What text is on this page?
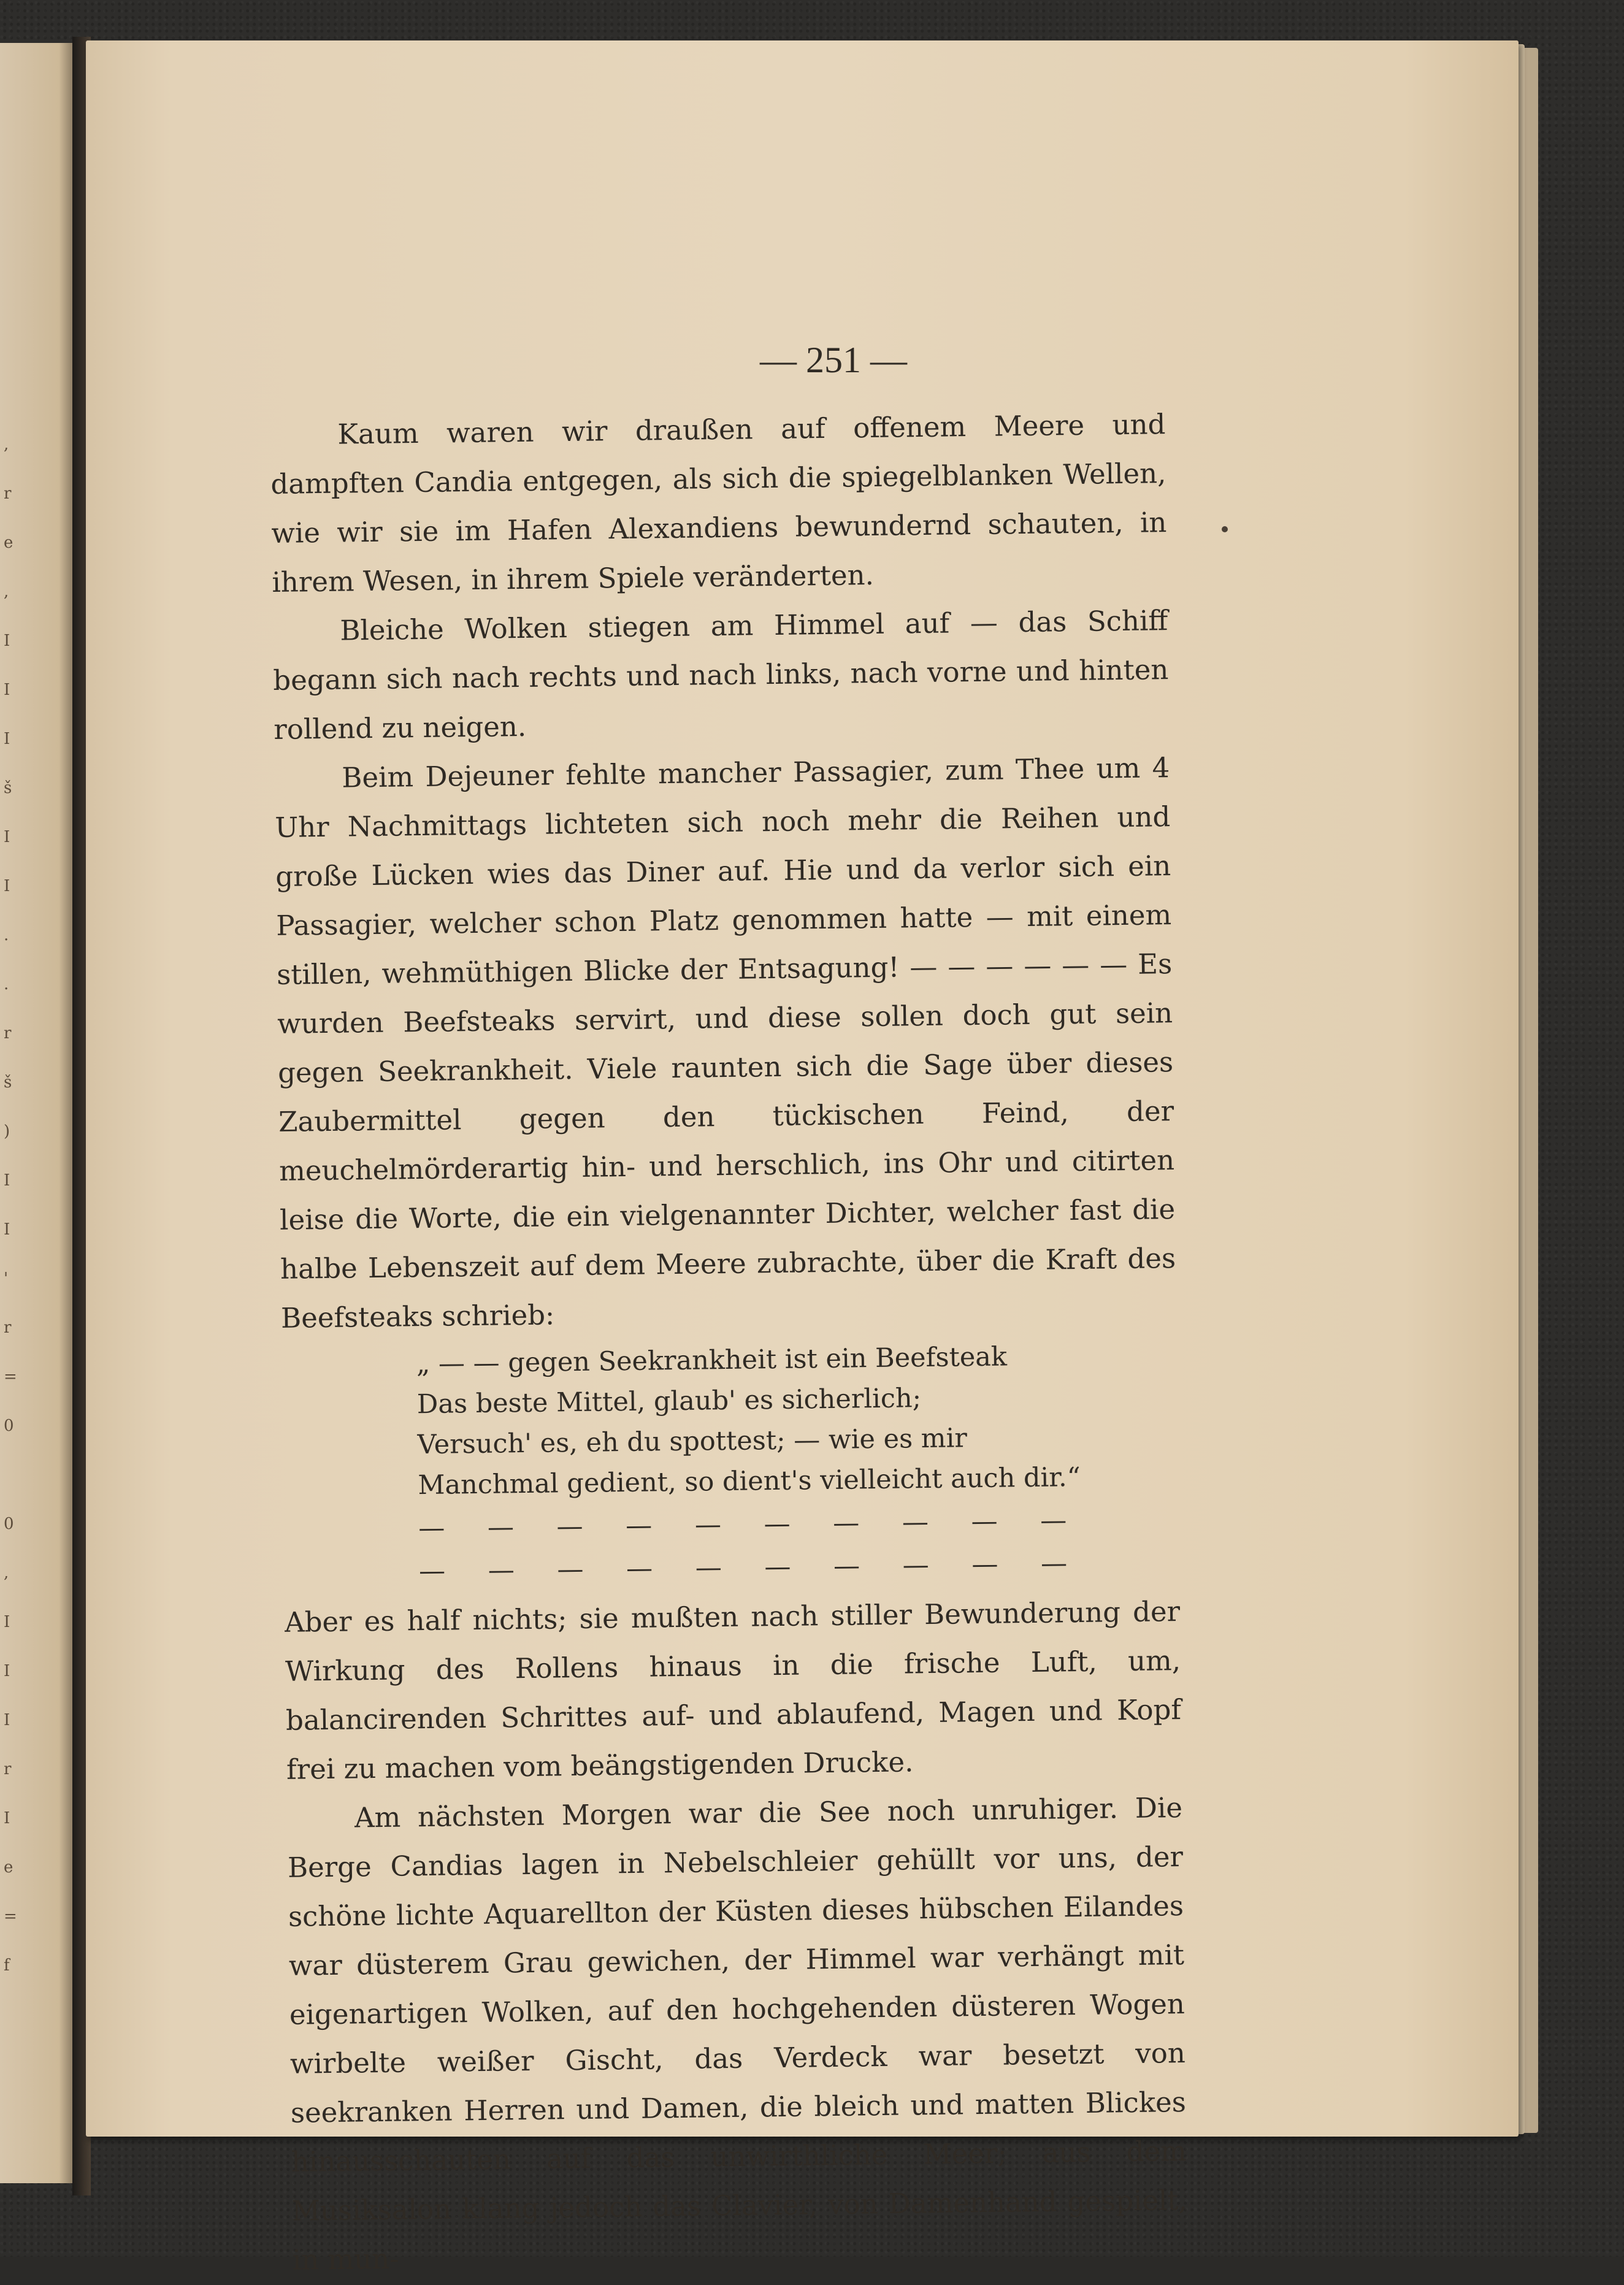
,
r
e
,
I
I
I
š
I
I
.
.
r
š
)
I
I
'
r
=
0
0
,
I
I
I
r
I
e
=
f
— 251 —

Kaum waren wir draußen auf offenem Meere und dampften Candia entgegen, als sich die spiegelblanken Wellen, wie wir sie im Hafen Alexandiens bewundernd schauten, in ihrem Wesen, in ihrem Spiele veränderten.

Bleiche Wolken stiegen am Himmel auf — das Schiff begann sich nach rechts und nach links, nach vorne und hinten rollend zu neigen.

Beim Dejeuner fehlte mancher Passagier, zum Thee um 4 Uhr Nachmittags lichteten sich noch mehr die Reihen und große Lücken wies das Diner auf. Hie und da verlor sich ein Passagier, welcher schon Platz genommen hatte — mit einem stillen, wehmüthigen Blicke der Entsagung! — — — — — — Es wurden Beefsteaks servirt, und diese sollen doch gut sein gegen Seekrankheit. Viele raunten sich die Sage über dieses Zaubermittel gegen den tückischen Feind, der meuchelmörderartig hin- und herschlich, ins Ohr und citirten leise die Worte, die ein vielgenannter Dichter, welcher fast die halbe Lebenszeit auf dem Meere zubrachte, über die Kraft des Beefsteaks schrieb:

„ — — gegen Seekrankheit ist ein Beefsteak
Das beste Mittel, glaub' es sicherlich;
Versuch' es, eh du spottest; — wie es mir
Manchmal gedient, so dient's vielleicht auch dir.“
— — — — — — — — — —
— — — — — — — — — —

Aber es half nichts; sie mußten nach stiller Bewunderung der Wirkung des Rollens hinaus in die frische Luft, um, balancirenden Schrittes auf- und ablaufend, Magen und Kopf frei zu machen vom beängstigenden Drucke.

Am nächsten Morgen war die See noch unruhiger. Die Berge Candias lagen in Nebelschleier gehüllt vor uns, der schöne lichte Aquarellton der Küsten dieses hübschen Eilandes war düsterem Grau gewichen, der Himmel war verhängt mit eigenartigen Wolken, auf den hochgehenden düsteren Wogen wirbelte weißer Gischt, das Verdeck war besetzt von seekranken Herren und Damen, die bleich und matten Blickes hinausschauten auf das unwirthliche Meer; aus dem Musiksalon klang jedoch das Clavier, von Damenhand gespielt, in mun-
